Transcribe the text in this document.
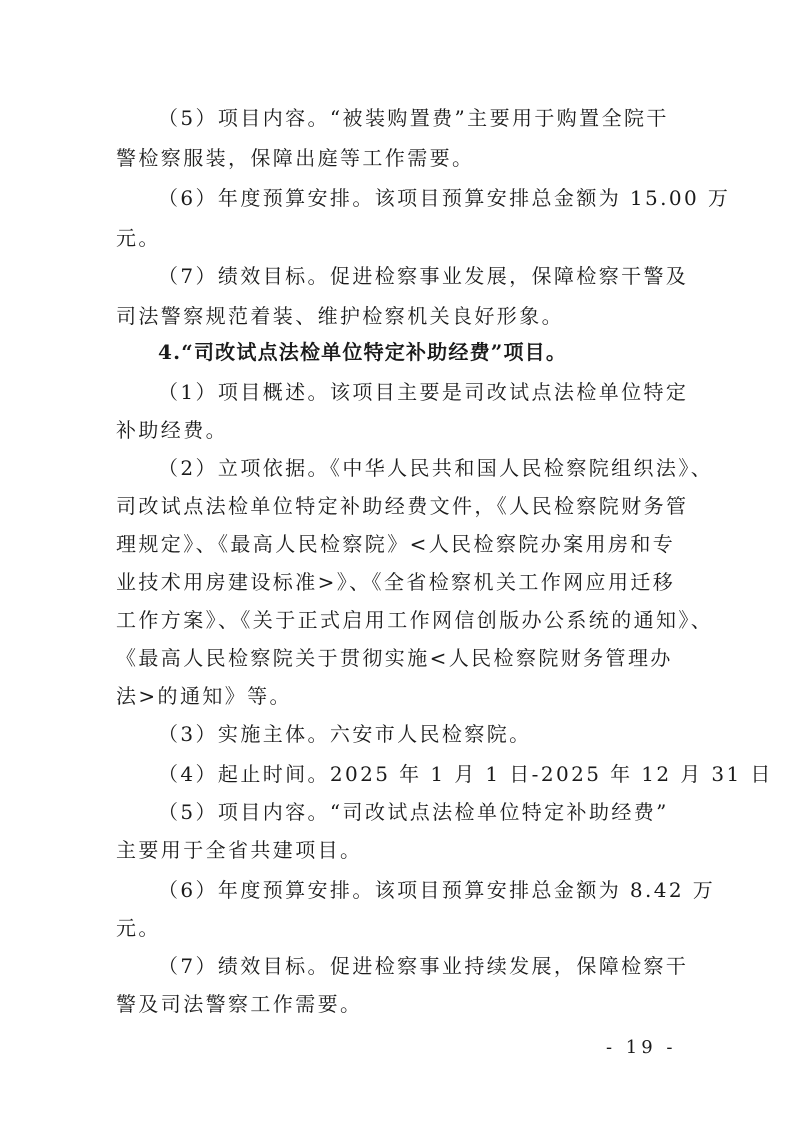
（5）项目内容。“被装购置费”主要用于购置全院干
警检察服装，保障出庭等工作需要。
（6）年度预算安排。该项目预算安排总金额为 15.00 万
元。
（7）绩效目标。促进检察事业发展，保障检察干警及
司法警察规范着装、维护检察机关良好形象。
4.“司改试点法检单位特定补助经费”项目。
（1）项目概述。该项目主要是司改试点法检单位特定
补助经费。
（2）立项依据。《中华人民共和国人民检察院组织法》、
司改试点法检单位特定补助经费文件，《人民检察院财务管
理规定》、《最高人民检察院》<人民检察院办案用房和专
业技术用房建设标准>》、《全省检察机关工作网应用迁移
工作方案》、《关于正式启用工作网信创版办公系统的通知》、
《最高人民检察院关于贯彻实施<人民检察院财务管理办
法>的通知》等。
（3）实施主体。六安市人民检察院。
（4）起止时间。2025 年 1 月 1 日-2025 年 12 月 31 日
（5）项目内容。“司改试点法检单位特定补助经费”
主要用于全省共建项目。
（6）年度预算安排。该项目预算安排总金额为 8.42 万
元。
（7）绩效目标。促进检察事业持续发展，保障检察干
警及司法警察工作需要。
- 19 -
